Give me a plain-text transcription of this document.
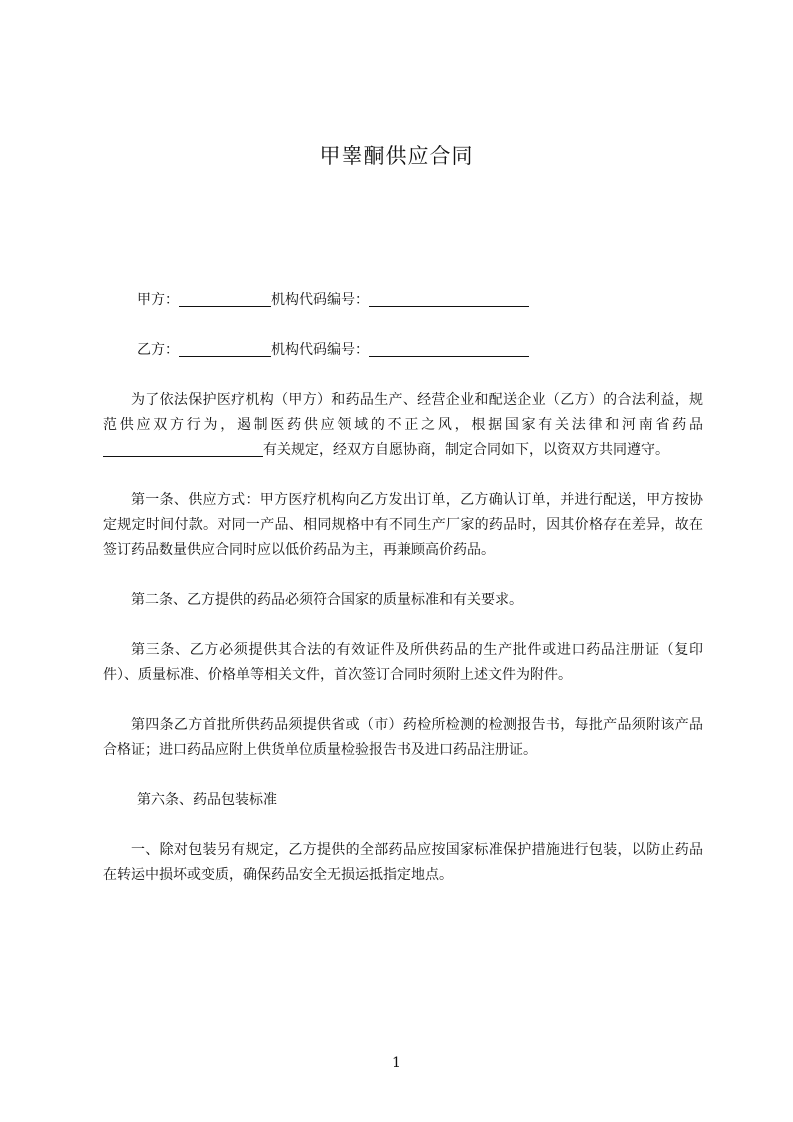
甲睾酮供应合同
甲方：	机构代码编号：
乙方：	机构代码编号：

为了依法保护医疗机构（甲方）和药品生产、经营企业和配送企业（乙方）的合法利益，规范供应双方行为，遏制医药供应领域的不正之风，根据国家有关法律和河南省药品有关规定，经双方自愿协商，制定合同如下，以资双方共同遵守。

第一条、供应方式：甲方医疗机构向乙方发出订单，乙方确认订单，并进行配送，甲方按协定规定时间付款。对同一产品、相同规格中有不同生产厂家的药品时，因其价格存在差异，故在签订药品数量供应合同时应以低价药品为主，再兼顾高价药品。

第二条、乙方提供的药品必须符合国家的质量标准和有关要求。

第三条、乙方必须提供其合法的有效证件及所供药品的生产批件或进口药品注册证（复印件）、质量标准、价格单等相关文件，首次签订合同时须附上述文件为附件。

第四条乙方首批所供药品须提供省或（市）药检所检测的检测报告书，每批产品须附该产品合格证；进口药品应附上供货单位质量检验报告书及进口药品注册证。

第六条、药品包装标准

一、除对包装另有规定，乙方提供的全部药品应按国家标准保护措施进行包装，以防止药品在转运中损坏或变质，确保药品安全无损运抵指定地点。

1
